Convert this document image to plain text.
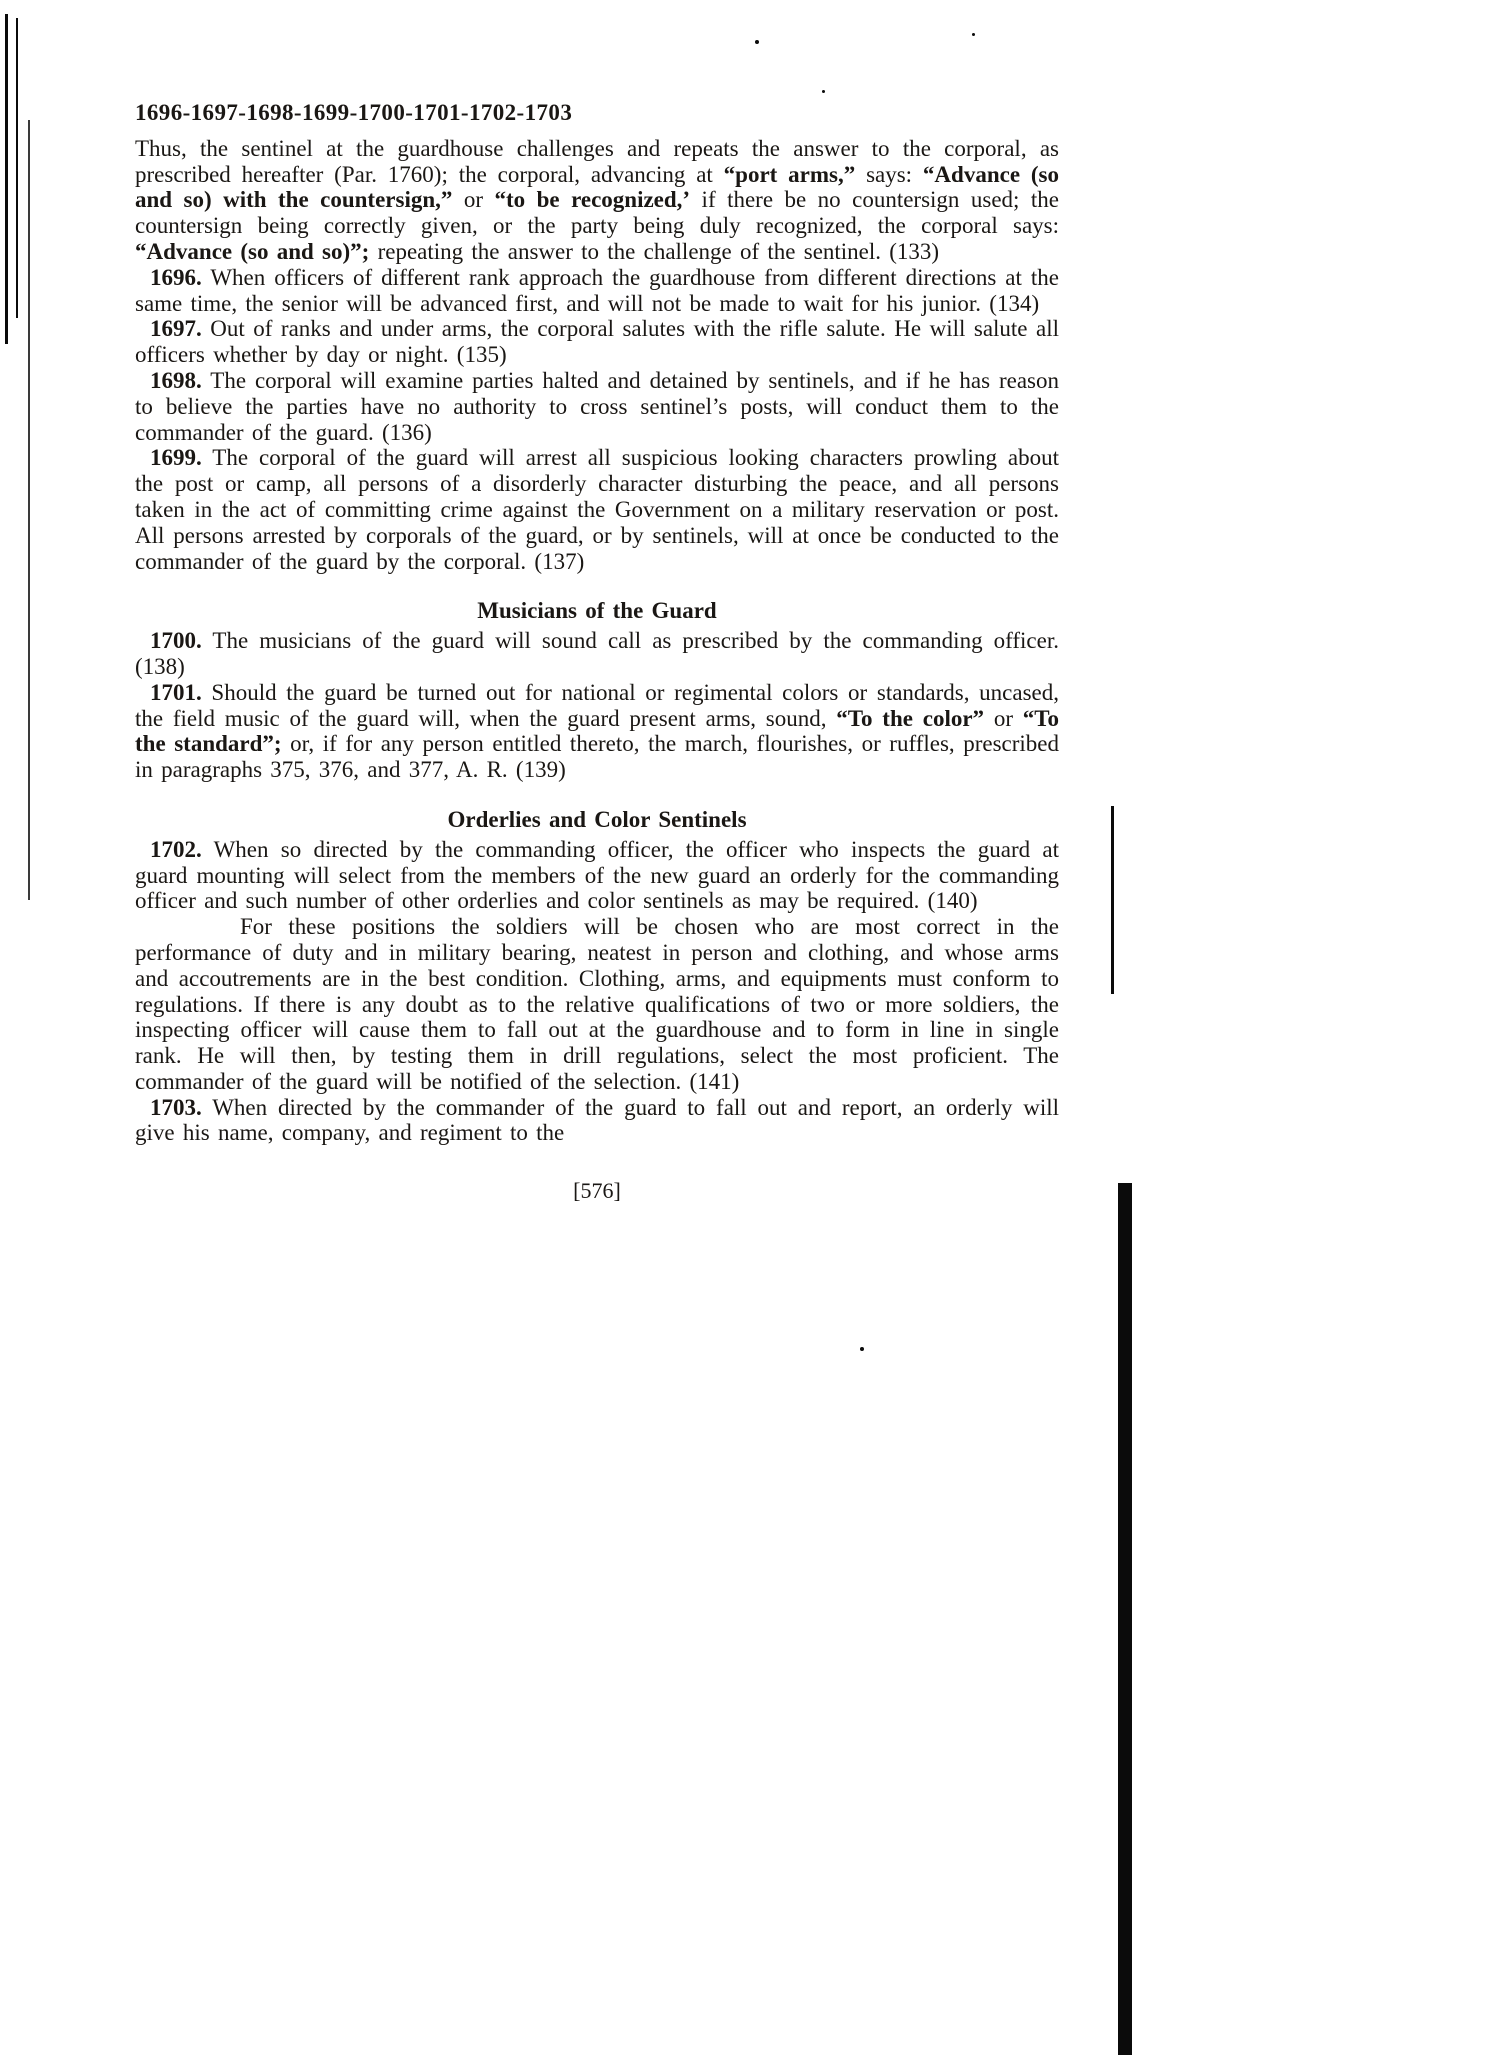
1696-1697-1698-1699-1700-1701-1702-1703

Thus, the sentinel at the guardhouse challenges and repeats the answer to the corporal, as prescribed hereafter (Par. 1760); the corporal, advancing at “port arms,” says: “Advance (so and so) with the countersign,” or “to be recognized,’ if there be no countersign used; the countersign being correctly given, or the party being duly recognized, the corporal says: “Advance (so and so)”; repeating the answer to the challenge of the sentinel. (133)

1696. When officers of different rank approach the guardhouse from different directions at the same time, the senior will be advanced first, and will not be made to wait for his junior. (134)

1697. Out of ranks and under arms, the corporal salutes with the rifle salute. He will salute all officers whether by day or night. (135)

1698. The corporal will examine parties halted and detained by sentinels, and if he has reason to believe the parties have no authority to cross sentinel’s posts, will conduct them to the commander of the guard. (136)

1699. The corporal of the guard will arrest all suspicious looking characters prowling about the post or camp, all persons of a disorderly character disturbing the peace, and all persons taken in the act of committing crime against the Government on a military reservation or post. All persons arrested by corporals of the guard, or by sentinels, will at once be conducted to the commander of the guard by the corporal. (137)

Musicians of the Guard

1700. The musicians of the guard will sound call as prescribed by the commanding officer. (138)

1701. Should the guard be turned out for national or regimental colors or standards, uncased, the field music of the guard will, when the guard present arms, sound, “To the color” or “To the standard”; or, if for any person entitled thereto, the march, flourishes, or ruffles, prescribed in paragraphs 375, 376, and 377, A. R. (139)

Orderlies and Color Sentinels

1702. When so directed by the commanding officer, the officer who inspects the guard at guard mounting will select from the members of the new guard an orderly for the commanding officer and such number of other orderlies and color sentinels as may be required. (140)

For these positions the soldiers will be chosen who are most correct in the performance of duty and in military bearing, neatest in person and clothing, and whose arms and accoutrements are in the best condition. Clothing, arms, and equipments must conform to regulations. If there is any doubt as to the relative qualifications of two or more soldiers, the inspecting officer will cause them to fall out at the guardhouse and to form in line in single rank. He will then, by testing them in drill regulations, select the most proficient. The commander of the guard will be notified of the selection. (141)

1703. When directed by the commander of the guard to fall out and report, an orderly will give his name, company, and regiment to the

[576]
